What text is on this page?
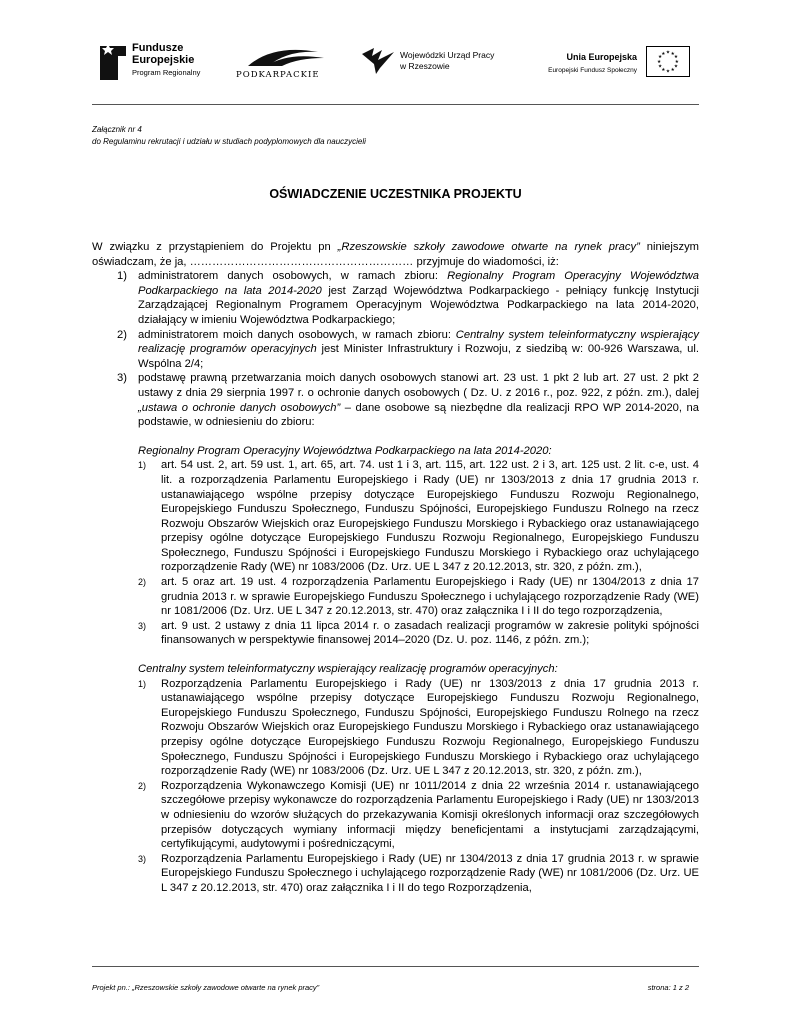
Fundusze
Europejskie
Program Regionalny	PODKARPACKIE
Wojewódzki Urząd Pracy
w Rzeszowie
Unia Europejska
Europejski Fundusz Społeczny
★ ★
★
★
★
★
★
★
★
★
★
★
Załącznik nr 4
do Regulaminu rekrutacji i udziału w studiach podyplomowych dla nauczycieli
OŚWIADCZENIE UCZESTNIKA PROJEKTU

W związku z przystąpieniem do Projektu pn „Rzeszowskie szkoły zawodowe otwarte na rynek pracy” niniejszym oświadczam, że ja, …………………………………………………… przyjmuje do wiadomości, iż:

1) administratorem danych osobowych, w ramach zbioru: Regionalny Program Operacyjny Województwa Podkarpackiego na lata 2014-2020 jest Zarząd Województwa Podkarpackiego - pełniący funkcję Instytucji Zarządzającej Regionalnym Programem Operacyjnym Województwa Podkarpackiego na lata 2014-2020, działający w imieniu Województwa Podkarpackiego;
2) administratorem moich danych osobowych, w ramach zbioru: Centralny system teleinformatyczny wspierający realizację programów operacyjnych jest Minister Infrastruktury i Rozwoju, z siedzibą w: 00-926 Warszawa, ul. Wspólna 2/4;
3) podstawę prawną przetwarzania moich danych osobowych stanowi art. 23 ust. 1 pkt 2 lub art. 27 ust. 2 pkt 2 ustawy z dnia 29 sierpnia 1997 r. o ochronie danych osobowych ( Dz. U. z 2016 r., poz. 922, z późn. zm.), dalej „ustawa o ochronie danych osobowych” – dane osobowe są niezbędne dla realizacji RPO WP 2014-2020, na podstawie, w odniesieniu do zbioru:
Regionalny Program Operacyjny Województwa Podkarpackiego na lata 2014-2020:
1)	art. 54 ust. 2, art. 59 ust. 1, art. 65, art. 74. ust 1 i 3, art. 115, art. 122 ust. 2 i 3, art. 125 ust. 2 lit. c-e, ust. 4 lit. a rozporządzenia Parlamentu Europejskiego i Rady (UE) nr 1303/2013 z dnia 17 grudnia 2013 r. ustanawiającego wspólne przepisy dotyczące Europejskiego Funduszu Rozwoju Regionalnego, Europejskiego Funduszu Społecznego, Funduszu Spójności, Europejskiego Funduszu Rolnego na rzecz Rozwoju Obszarów Wiejskich oraz Europejskiego Funduszu Morskiego i Rybackiego oraz ustanawiającego przepisy ogólne dotyczące Europejskiego Funduszu Rozwoju Regionalnego, Europejskiego Funduszu Społecznego, Funduszu Spójności i Europejskiego Funduszu Morskiego i Rybackiego oraz uchylającego rozporządzenie Rady (WE) nr 1083/2006 (Dz. Urz. UE L 347 z 20.12.2013, str. 320, z późn. zm.),
2)	art. 5 oraz art. 19 ust. 4 rozporządzenia Parlamentu Europejskiego i Rady (UE) nr 1304/2013 z dnia 17 grudnia 2013 r. w sprawie Europejskiego Funduszu Społecznego i uchylającego rozporządzenie Rady (WE) nr 1081/2006 (Dz. Urz. UE L 347 z 20.12.2013, str. 470) oraz załącznika I i II do tego rozporządzenia,
3)	art. 9 ust. 2 ustawy z dnia 11 lipca 2014 r. o zasadach realizacji programów w zakresie polityki spójności finansowanych w perspektywie finansowej 2014–2020 (Dz. U. poz. 1146, z późn. zm.);
Centralny system teleinformatyczny wspierający realizację programów operacyjnych:
1)	Rozporządzenia Parlamentu Europejskiego i Rady (UE) nr 1303/2013 z dnia 17 grudnia 2013 r. ustanawiającego wspólne przepisy dotyczące Europejskiego Funduszu Rozwoju Regionalnego, Europejskiego Funduszu Społecznego, Funduszu Spójności, Europejskiego Funduszu Rolnego na rzecz Rozwoju Obszarów Wiejskich oraz Europejskiego Funduszu Morskiego i Rybackiego oraz ustanawiającego przepisy ogólne dotyczące Europejskiego Funduszu Rozwoju Regionalnego, Europejskiego Funduszu Społecznego, Funduszu Spójności i Europejskiego Funduszu Morskiego i Rybackiego oraz uchylającego rozporządzenie Rady (WE) nr 1083/2006 (Dz. Urz. UE L 347 z 20.12.2013, str. 320, z późn. zm.),
2)	Rozporządzenia Wykonawczego Komisji (UE) nr 1011/2014 z dnia 22 września 2014 r. ustanawiającego szczegółowe przepisy wykonawcze do rozporządzenia Parlamentu Europejskiego i Rady (UE) nr 1303/2013 w odniesieniu do wzorów służących do przekazywania Komisji określonych informacji oraz szczegółowych przepisów dotyczących wymiany informacji między beneficjentami a instytucjami zarządzającymi, certyfikującymi, audytowymi i pośredniczącymi,
3)	Rozporządzenia Parlamentu Europejskiego i Rady (UE) nr 1304/2013 z dnia 17 grudnia 2013 r. w sprawie Europejskiego Funduszu Społecznego i uchylającego rozporządzenie Rady (WE) nr 1081/2006 (Dz. Urz. UE L 347 z 20.12.2013, str. 470) oraz załącznika I i II do tego Rozporządzenia,
Projekt pn.: „Rzeszowskie szkoły zawodowe otwarte na rynek pracy”	strona: 1 z 2
